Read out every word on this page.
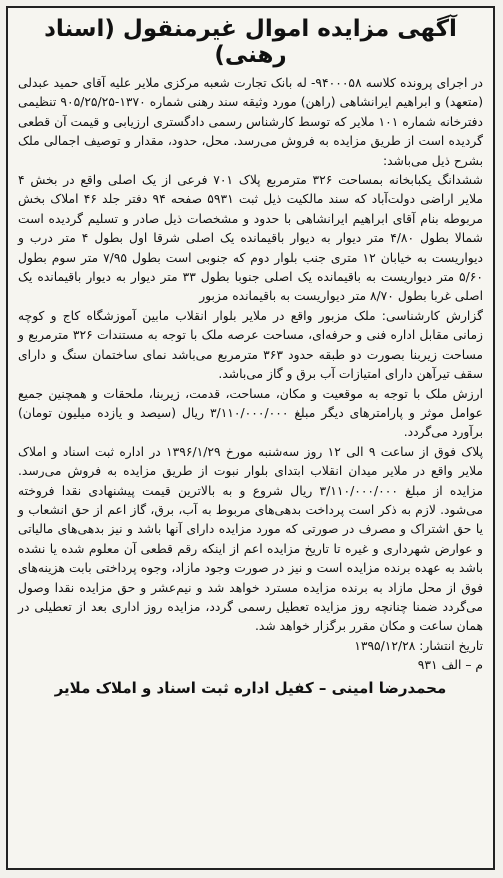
آگهی مزایده اموال غیرمنقول (اسناد رهنی)

در اجرای پرونده کلاسه ۹۴۰۰۰۵۸- له بانک تجارت شعبه مرکزی ملایر علیه آقای حمید عبدلی (متعهد) و ابراهیم ایرانشاهی (راهن) مورد وثیقه سند رهنی شماره ۱۳۷۰-۹۰۵/۲۵/۲۵ تنظیمی دفترخانه شماره ۱۰۱ ملایر که توسط کارشناس رسمی دادگستری ارزیابی و قیمت آن قطعی گردیده است از طریق مزایده به فروش می‌رسد. محل، حدود، مقدار و توصیف اجمالی ملک بشرح ذیل می‌باشد:

ششدانگ یکبابخانه بمساحت ۳۲۶ مترمربع پلاک ۷۰۱ فرعی از یک اصلی واقع در بخش ۴ ملایر اراضی دولت‌آباد که سند مالکیت ذیل ثبت ۵۹۳۱ صفحه ۹۴ دفتر جلد ۴۶ املاک بخش مربوطه بنام آقای ابراهیم ایرانشاهی با حدود و مشخصات ذیل صادر و تسلیم گردیده است شمالا بطول ۴/۸۰ متر دیوار به دیوار باقیمانده یک اصلی شرقا اول بطول ۴ متر درب و دیواریست به خیابان ۱۲ متری جنب بلوار دوم که جنوبی است بطول ۷/۹۵ متر سوم بطول ۵/۶۰ متر دیواریست به باقیمانده یک اصلی جنوبا بطول ۳۳ متر دیوار به دیوار باقیمانده یک اصلی غربا بطول ۸/۷۰ متر دیواریست به باقیمانده مزبور

گزارش کارشناسی: ملک مزبور واقع در ملایر بلوار انقلاب مابین آموزشگاه کاج و کوچه زمانی مقابل اداره فنی و حرفه‌ای، مساحت عرصه ملک با توجه به مستندات ۳۲۶ مترمربع و مساحت زیربنا بصورت دو طبقه حدود ۳۶۳ مترمربع می‌باشد نمای ساختمان سنگ و دارای سقف تیرآهن دارای امتیازات آب برق و گاز می‌باشد.

ارزش ملک با توجه به موقعیت و مکان، مساحت، قدمت، زیربنا، ملحقات و همچنین جمیع عوامل موثر و پارامترهای دیگر مبلغ ۳/۱۱۰/۰۰۰/۰۰۰ ریال (سیصد و یازده میلیون تومان) برآورد می‌گردد.

پلاک فوق از ساعت ۹ الی ۱۲ روز سه‌شنبه مورخ ۱۳۹۶/۱/۲۹ در اداره ثبت اسناد و املاک ملایر واقع در ملایر میدان انقلاب ابتدای بلوار نبوت از طریق مزایده به فروش می‌رسد. مزایده از مبلغ ۳/۱۱۰/۰۰۰/۰۰۰ ریال شروع و به بالاترین قیمت پیشنهادی نقدا فروخته می‌شود. لازم به ذکر است پرداخت بدهی‌های مربوط به آب، برق، گاز اعم از حق انشعاب و یا حق اشتراک و مصرف در صورتی که مورد مزایده دارای آنها باشد و نیز بدهی‌های مالیاتی و عوارض شهرداری و غیره تا تاریخ مزایده اعم از اینکه رقم قطعی آن معلوم شده یا نشده باشد به عهده برنده مزایده است و نیز در صورت وجود مازاد، وجوه پرداختی بابت هزینه‌های فوق از محل مازاد به برنده مزایده مسترد خواهد شد و نیم‌عشر و حق مزایده نقدا وصول می‌گردد ضمنا چنانچه روز مزایده تعطیل رسمی گردد، مزایده روز اداری بعد از تعطیلی در همان ساعت و مکان مقرر برگزار خواهد شد.

تاریخ انتشار: ۱۳۹۵/۱۲/۲۸

م – الف ۹۳۱

محمدرضا امینی – کفیل اداره ثبت اسناد و املاک ملایر
